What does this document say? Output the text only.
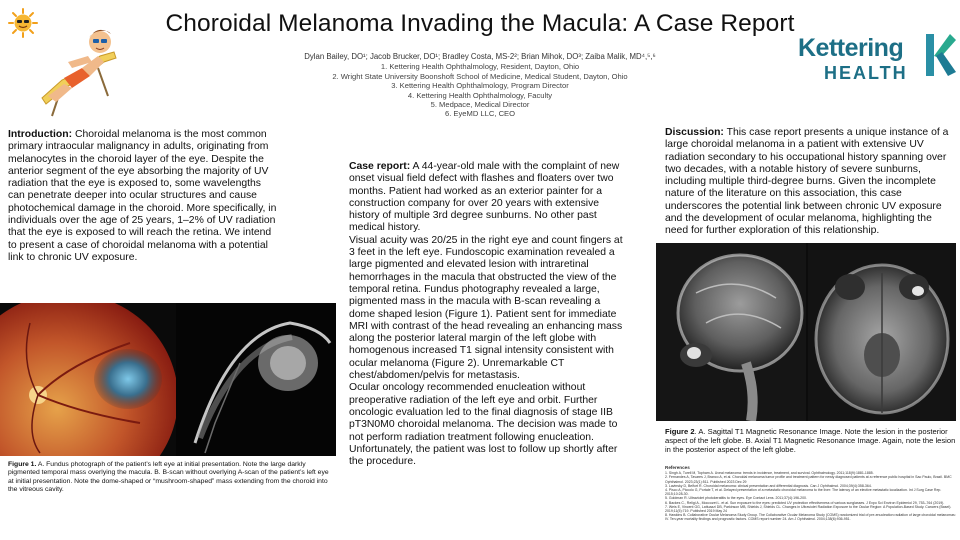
Choroidal Melanoma Invading the Macula: A Case Report
Dylan Bailey, DO¹; Jacob Brucker, DO¹; Bradley Costa, MS-2²; Brian Mihok, DO³; Zaiba Malik, MD⁴,⁵,⁶
1. Kettering Health Ophthalmology, Resident, Dayton, Ohio
2. Wright State University Boonshoft School of Medicine, Medical Student, Dayton, Ohio
3. Kettering Health Ophthalmology, Program Director
4. Kettering Health Ophthalmology, Faculty
5. Medpace, Medical Director
6. EyeMD LLC, CEO
Kettering
HEALTH
Introduction: Choroidal melanoma is the most common primary intraocular malignancy in adults, originating from melanocytes in the choroid layer of the eye. Despite the anterior segment of the eye absorbing the majority of UV radiation that the eye is exposed to, some wavelengths can penetrate deeper into ocular structures and cause photochemical damage in the choroid. More specifically, in individuals over the age of 25 years, 1–2% of UV radiation that the eye is exposed to will reach the retina. We intend to present a case of choroidal melanoma with a potential link to chronic UV exposure.
Figure 1. A. Fundus photograph of the patient’s left eye at initial presentation. Note the large darkly pigmented temporal mass overlying the macula. B. B-scan without overlying A-scan of the patient’s left eye at initial presentation. Note the dome-shaped or “mushroom-shaped” mass extending from the choroid into the vitreous cavity.
Case report: A 44-year-old male with the complaint of new onset visual field defect with flashes and floaters over two months. Patient had worked as an exterior painter for a construction company for over 20 years with extensive history of multiple 3rd degree sunburns. No other past medical history.
Visual acuity was 20/25 in the right eye and count fingers at 3 feet in the left eye. Fundoscopic examination revealed a large pigmented and elevated lesion with intraretinal hemorrhages in the macula that obstructed the view of the temporal retina. Fundus photography revealed a large, pigmented mass in the macula with B-scan revealing a dome shaped lesion (Figure 1). Patient sent for immediate MRI with contrast of the head revealing an enhancing mass along the posterior lateral margin of the left globe with homogenous increased T1 signal intensity consistent with ocular melanoma (Figure 2). Unremarkable CT chest/abdomen/pelvis for metastasis.
Ocular oncology recommended enucleation without preoperative radiation of the left eye and orbit. Further oncologic evaluation led to the final diagnosis of stage IIB pT3N0M0 choroidal melanoma. The decision was made to not perform radiation treatment following enucleation. Unfortunately, the patient was lost to follow up shortly after the procedure.
Discussion: This case report presents a unique instance of a large choroidal melanoma in a patient with extensive UV radiation secondary to his occupational history spanning over two decades, with a notable history of severe sunburns, including multiple third-degree burns. Given the incomplete nature of the literature on this association, this case underscores the potential link between chronic UV exposure and the development of ocular melanoma, highlighting the need for further exploration of this relationship.
Figure 2. A. Sagittal T1 Magnetic Resonance Image. Note the lesion in the posterior aspect of the left globe. B. Axial T1 Magnetic Resonance Image. Again, note the lesion in the posterior aspect of the left globe.
References
1. Singh A, Turell M, Topham A. Uveal melanoma: trends in incidence, treatment, and survival. Ophthalmology. 2011;118(9):1881-1885.
2. Fernandes A, Tavares J, Branco A, et al. Choroidal melanoma tumor profile and treatment pattern for newly diagnosed patients at a reference public hospital in Sao Paulo, Brazil. BMC Ophthalmol. 2023;23(1):511. Published 2023 Dec 29
3. Lavinsky D, Belfort R. Choroidal melanoma: clinical presentation and differential diagnosis. Can J Ophthalmol. 2004;39(4):358-364.
4. Pisco A, Piccolo G, Portale T, et al. Delayed presentation of a metastatic choroidal melanoma to the liver: The latency of an elective metastatic localization. Int J Surg Case Rep. 2015;10:28-30.
5. Goldman R. Ultraviolet photokeratitis to the eyes. Eye Contact Lens. 2011;37(4):196-200.
6. Backes C., Religi A., Moccozet L. et al. Sun exposure to the eyes: predicted UV protection effectiveness of various sunglasses. J Expo Sci Environ Epidemiol 29, 753–764 (2019).
7. Weis E, Vincent GG, Lattuazzi DB, Parkinson MB, Shields J, Shields CL. Changes in Ultraviolet Radiation Exposure to the Ocular Region: A Population-Based Study. Cancers (Basel). 2019;11(5):719. Published 2019 May 24
8. Hawkins B. Collaborative Ocular Melanoma Study Group. The Collaborative Ocular Melanoma Study (COMS) randomized trial of pre-enucleation radiation of large choroidal melanomas: IV. Ten-year mortality findings and prognostic factors. COMS report number 24. Am J Ophthalmol. 2004;138(6):936-951.
